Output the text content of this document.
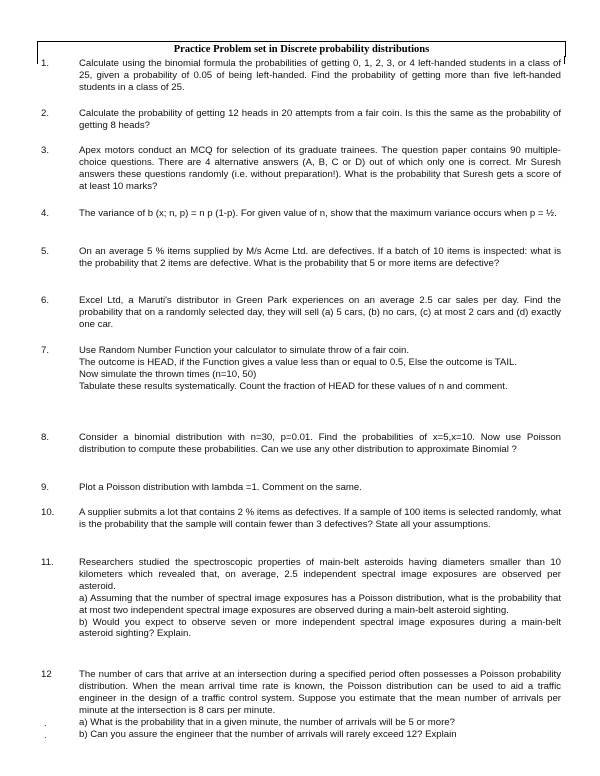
Practice Problem set in Discrete probability distributions

1.	Calculate using the binomial formula the probabilities of getting 0, 1, 2, 3, or 4 left-handed students in a class of 25, given a probability of 0.05 of being left-handed. Find the probability of getting more than five left-handed students in a class of 25.
2.	Calculate the probability of getting 12 heads in 20 attempts from a fair coin. Is this the same as the probability of getting 8 heads?
3.	Apex motors conduct an MCQ for selection of its graduate trainees. The question paper contains 90 multiple-choice questions. There are 4 alternative answers (A, B, C or D) out of which only one is correct. Mr Suresh answers these questions randomly (i.e. without preparation!). What is the probability that Suresh gets a score of at least 10 marks?
4.	The variance of b (x; n, p) = n p (1-p). For given value of n, show that the maximum variance occurs when p = ½.
5.	On an average 5 % items supplied by M/s Acme Ltd. are defectives. If a batch of 10 items is inspected: what is the probability that 2 items are defective. What is the probability that 5 or more items are defective?
6.	Excel Ltd, a Maruti's distributor in Green Park experiences on an average 2.5 car sales per day. Find the probability that on a randomly selected day, they will sell (a) 5 cars, (b) no cars, (c) at most 2 cars and (d) exactly one car.
7.	Use Random Number Function your calculator to simulate throw of a fair coin.

The outcome is HEAD, if the Function gives a value less than or equal to 0.5, Else the outcome is TAIL.

Now simulate the thrown times (n=10, 50)

Tabulate these results systematically. Count the fraction of HEAD for these values of n and comment.

8.	Consider a binomial distribution with n=30, p=0.01. Find the probabilities of x=5,x=10. Now use Poisson distribution to compute these probabilities. Can we use any other distribution to approximate Binomial ?
9.	Plot a Poisson distribution with lambda =1. Comment on the same.
10.	A supplier submits a lot that contains 2 % items as defectives. If a sample of 100 items is selected randomly, what is the probability that the sample will contain fewer than 3 defectives? State all your assumptions.
11.	Researchers studied the spectroscopic properties of main-belt asteroids having diameters smaller than 10 kilometers which revealed that, on average, 2.5 independent spectral image exposures are observed per asteroid.

a) Assuming that the number of spectral image exposures has a Poisson distribution, what is the probability that at most two independent spectral image exposures are observed during a main-belt asteroid sighting.

b) Would you expect to observe seven or more independent spectral image exposures during a main-belt asteroid sighting? Explain.

12	The number of cars that arrive at an intersection during a specified period often possesses a Poisson probability distribution. When the mean arrival time rate is known, the Poisson distribution can be used to aid a traffic engineer in the design of a traffic control system. Suppose you estimate that the mean number of arrivals per minute at the intersection is 8 cars per minute.

a) What is the probability that in a given minute, the number of arrivals will be 5 or more?

b) Can you assure the engineer that the number of arrivals will rarely exceed 12? Explain

.
.
